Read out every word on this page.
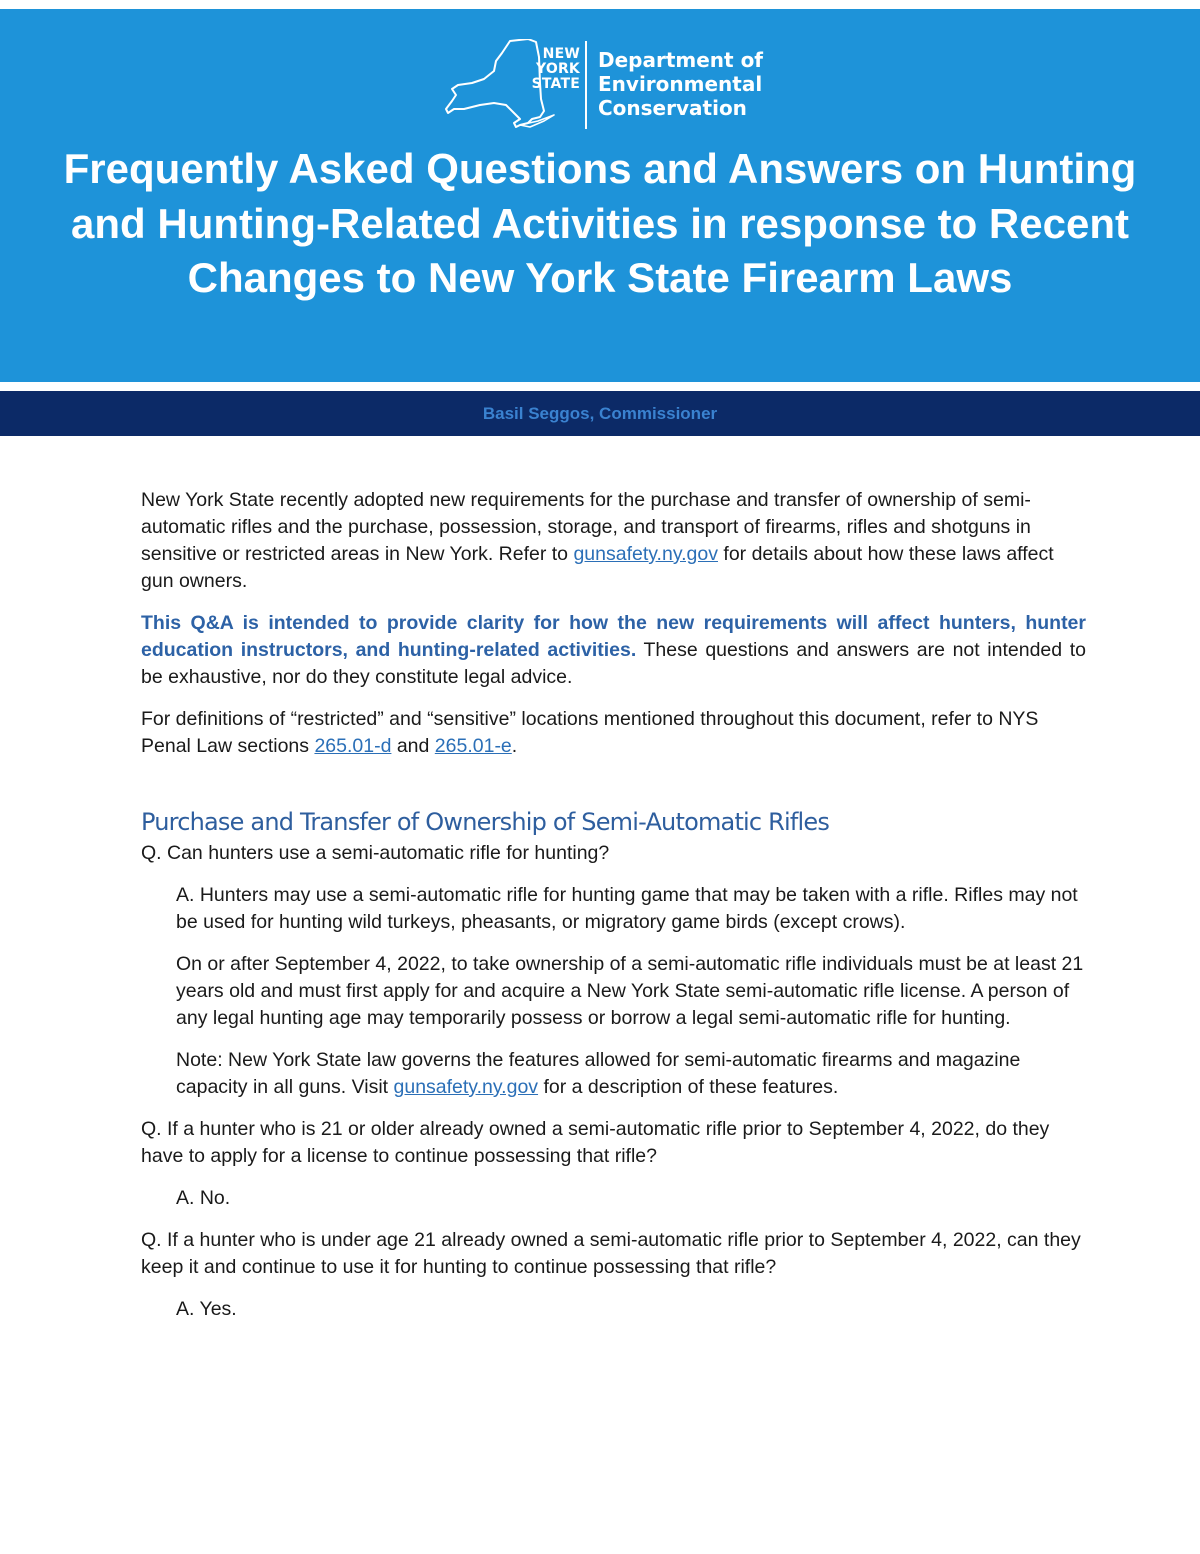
NEW
YORK
STATE
Department of
Environmental
Conservation
Frequently Asked Questions and Answers on Hunting and Hunting-Related Activities in response to Recent Changes to New York State Firearm Laws
Basil Seggos, Commissioner

New York State recently adopted new requirements for the purchase and transfer of ownership of semi-automatic rifles and the purchase, possession, storage, and transport of firearms, rifles and shotguns in sensitive or restricted areas in New York. Refer to gunsafety.ny.gov for details about how these laws affect gun owners.

This Q&A is intended to provide clarity for how the new requirements will affect hunters, hunter education instructors, and hunting-related activities. These questions and answers are not intended to be exhaustive, nor do they constitute legal advice.

For definitions of “restricted” and “sensitive” locations mentioned throughout this document, refer to NYS Penal Law sections 265.01-d and 265.01-e.

Purchase and Transfer of Ownership of Semi-Automatic Rifles

Q. Can hunters use a semi-automatic rifle for hunting?

A. Hunters may use a semi-automatic rifle for hunting game that may be taken with a rifle. Rifles may not be used for hunting wild turkeys, pheasants, or migratory game birds (except crows).

On or after September 4, 2022, to take ownership of a semi-automatic rifle individuals must be at least 21 years old and must first apply for and acquire a New York State semi-automatic rifle license. A person of any legal hunting age may temporarily possess or borrow a legal semi-automatic rifle for hunting.

Note: New York State law governs the features allowed for semi-automatic firearms and magazine capacity in all guns. Visit gunsafety.ny.gov for a description of these features.

Q. If a hunter who is 21 or older already owned a semi-automatic rifle prior to September 4, 2022, do they have to apply for a license to continue possessing that rifle?

A. No.

Q. If a hunter who is under age 21 already owned a semi-automatic rifle prior to September 4, 2022, can they keep it and continue to use it for hunting to continue possessing that rifle?

A. Yes.
